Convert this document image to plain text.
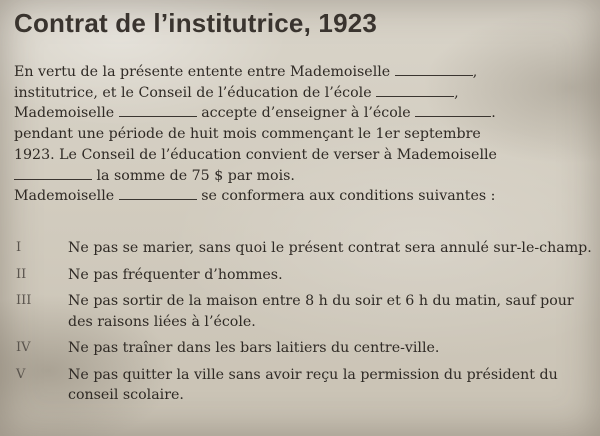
Contrat de l’institutrice, 1923
En vertu de la présente entente entre Mademoiselle	,
institutrice, et le Conseil de l’éducation de l’école	,
Mademoiselle	accepte d’enseigner à l’école	.
pendant une période de huit mois commençant le 1er septembre
1923. Le Conseil de l’éducation convient de verser à Mademoiselle
la somme de 75 $ par mois.
Mademoiselle	se conformera aux conditions suivantes :
I	Ne pas se marier, sans quoi le présent contrat sera annulé sur-le-champ.
II	Ne pas fréquenter d’hommes.
III	Ne pas sortir de la maison entre 8 h du soir et 6 h du matin, sauf pour des raisons liées à l’école.
IV	Ne pas traîner dans les bars laitiers du centre-ville.
V	Ne pas quitter la ville sans avoir reçu la permission du président du conseil scolaire.
